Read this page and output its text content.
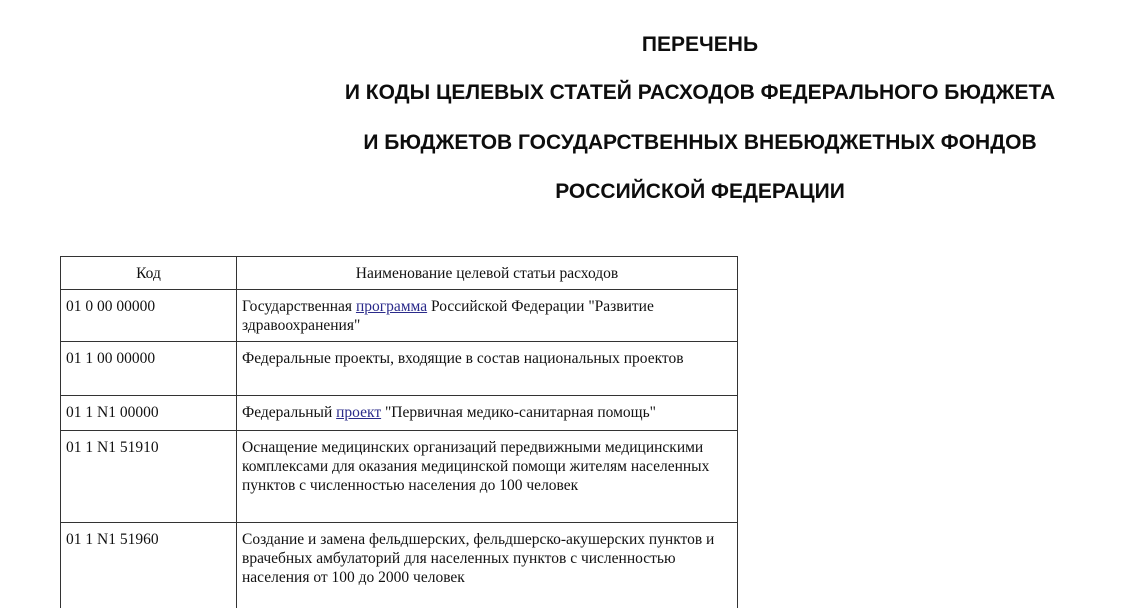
ПЕРЕЧЕНЬ
И КОДЫ ЦЕЛЕВЫХ СТАТЕЙ РАСХОДОВ ФЕДЕРАЛЬНОГО БЮДЖЕТА
И БЮДЖЕТОВ ГОСУДАРСТВЕННЫХ ВНЕБЮДЖЕТНЫХ ФОНДОВ
РОССИЙСКОЙ ФЕДЕРАЦИИ
Код	Наименование целевой статьи расходов
01 0 00 00000	Государственная программа Российской Федерации "Развитие здравоохранения"
01 1 00 00000	Федеральные проекты, входящие в состав национальных проектов
01 1 N1 00000	Федеральный проект "Первичная медико-санитарная помощь"
01 1 N1 51910	Оснащение медицинских организаций передвижными медицинскими комплексами для оказания медицинской помощи жителям населенных пунктов с численностью населения до 100 человек
01 1 N1 51960	Создание и замена фельдшерских, фельдшерско-акушерских пунктов и врачебных амбулаторий для населенных пунктов с численностью населения от 100 до 2000 человек
